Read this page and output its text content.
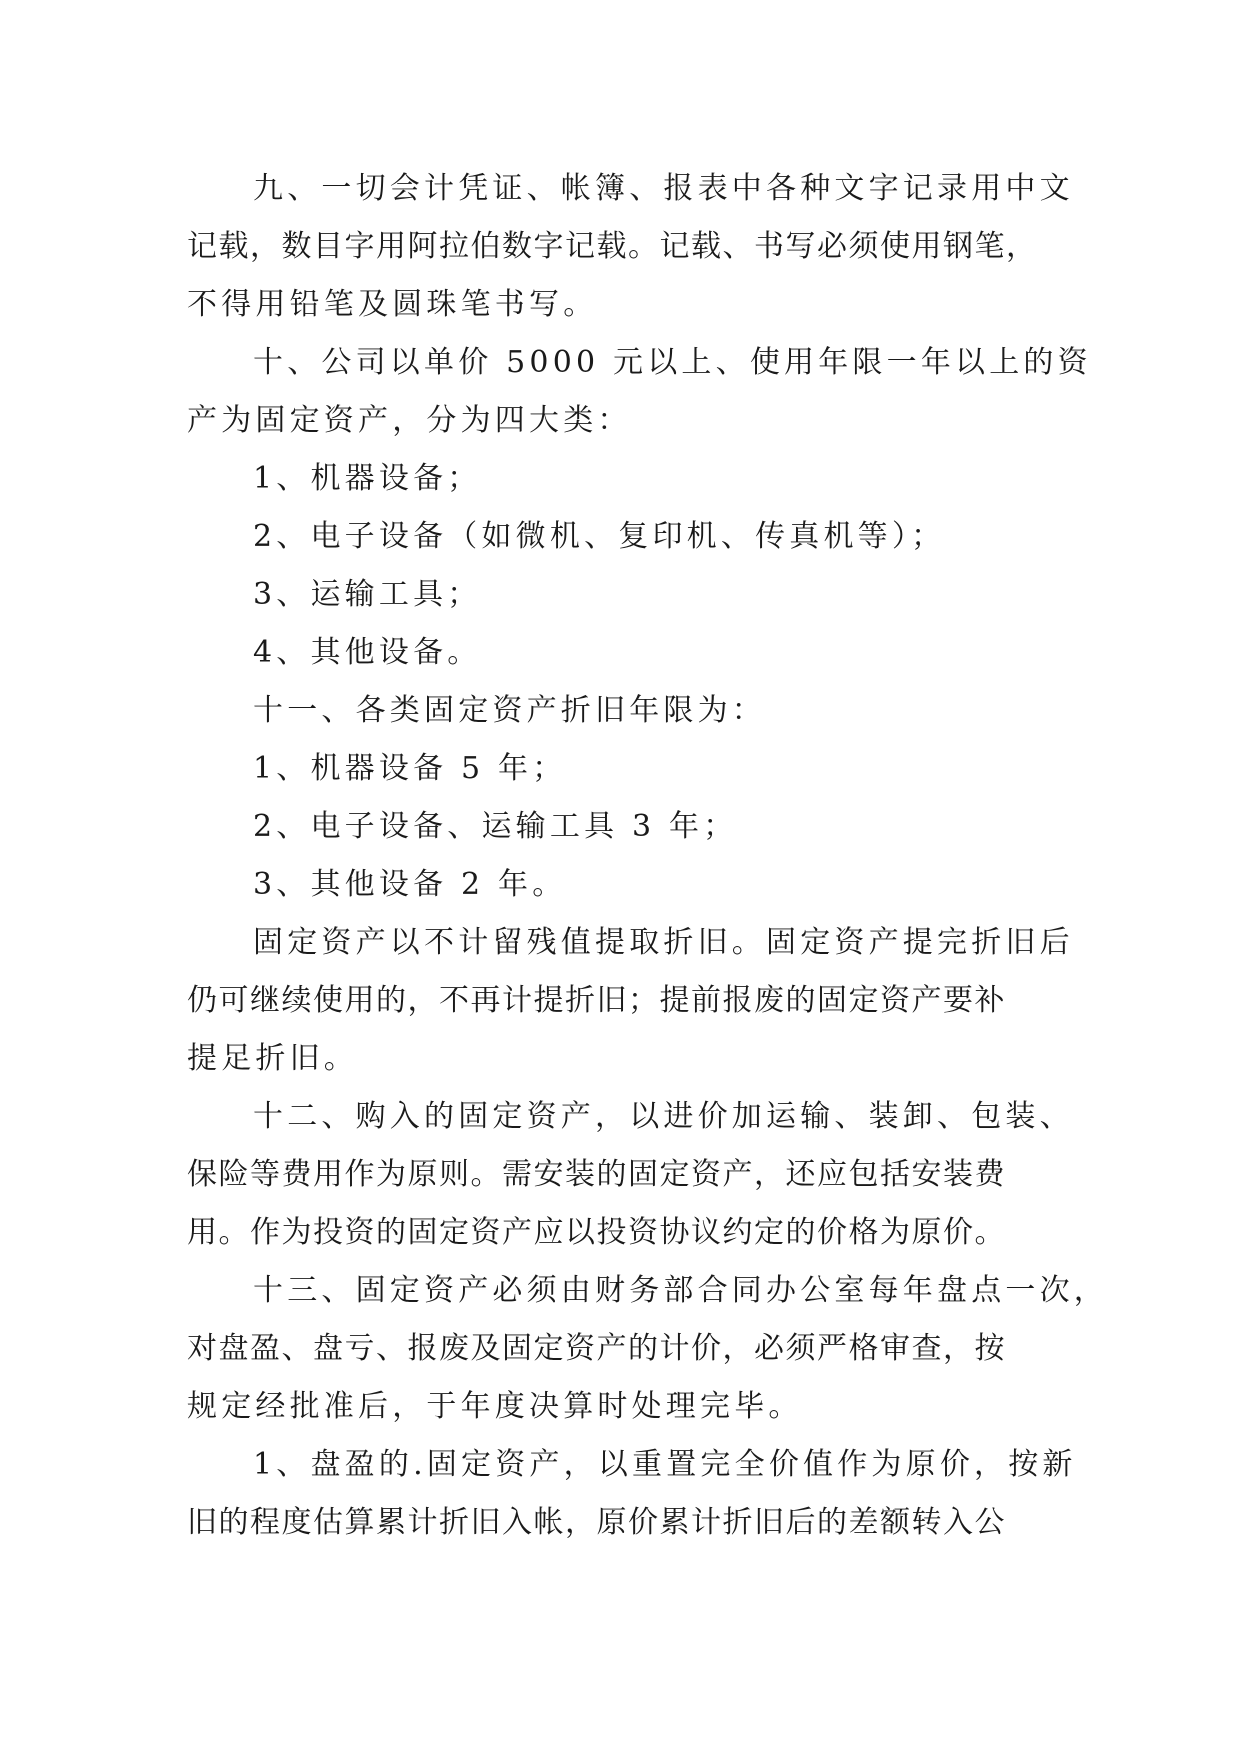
九、一切会计凭证、帐簿、报表中各种文字记录用中文
记载，数目字用阿拉伯数字记载。记载、书写必须使用钢笔，
不得用铅笔及圆珠笔书写。
十、公司以单价 5000 元以上、使用年限一年以上的资
产为固定资产，分为四大类：
1、机器设备；
2、电子设备（如微机、复印机、传真机等）；
3、运输工具；
4、其他设备。
十一、各类固定资产折旧年限为：
1、机器设备 5 年；
2、电子设备、运输工具 3 年；
3、其他设备 2 年。
固定资产以不计留残值提取折旧。固定资产提完折旧后
仍可继续使用的，不再计提折旧；提前报废的固定资产要补
提足折旧。
十二、购入的固定资产，以进价加运输、装卸、包装、
保险等费用作为原则。需安装的固定资产，还应包括安装费
用。作为投资的固定资产应以投资协议约定的价格为原价。
十三、固定资产必须由财务部合同办公室每年盘点一次，
对盘盈、盘亏、报废及固定资产的计价，必须严格审查，按
规定经批准后，于年度决算时处理完毕。
1、盘盈的.固定资产，以重置完全价值作为原价，按新
旧的程度估算累计折旧入帐，原价累计折旧后的差额转入公
